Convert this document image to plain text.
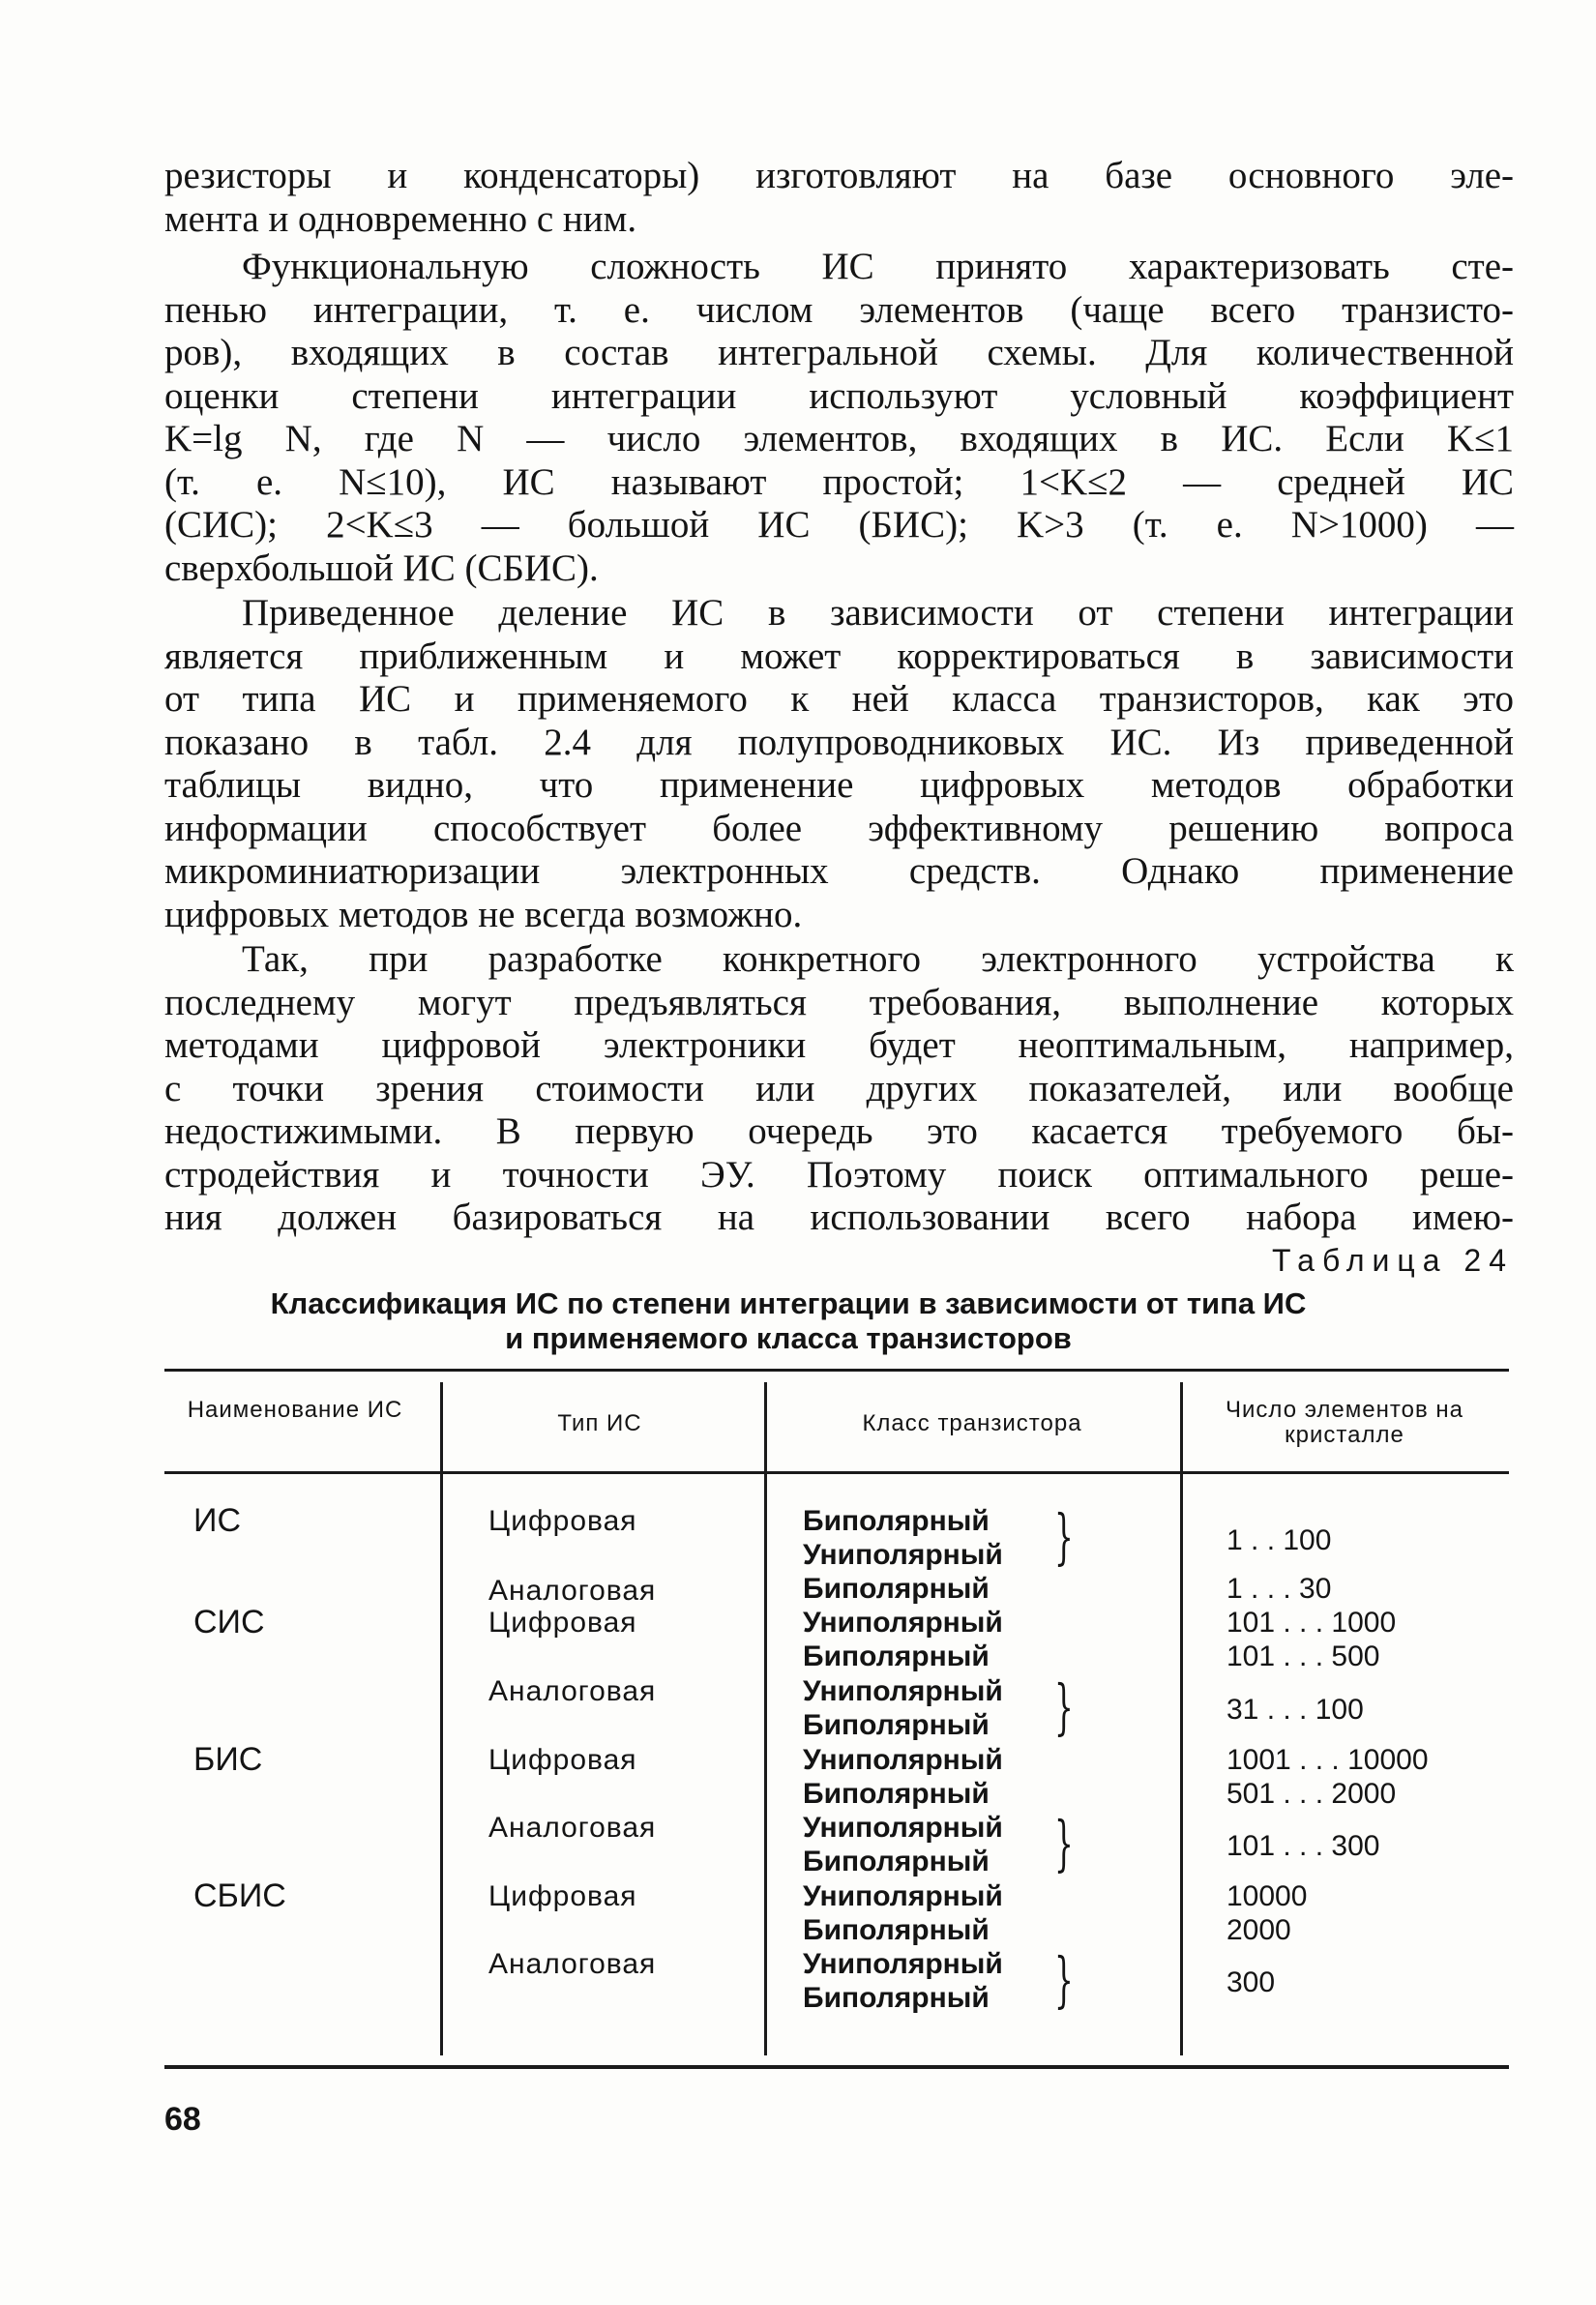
резисторы и конденсаторы) изготовляют на базе основного эле-
мента и одновременно с ним.
Функциональную сложность ИС принято характеризовать сте-
пенью интеграции, т. е. числом элементов (чаще всего транзисто-
ров), входящих в состав интегральной схемы. Для количественной
оценки степени интеграции используют условный коэффициент
K=lg N, где N — число элементов, входящих в ИС. Если K≤1
(т. е. N≤10), ИС называют простой; 1<K≤2 — средней ИС
(СИС); 2<K≤3 — большой ИС (БИС); K>3 (т. е. N>1000) —
сверхбольшой ИС (СБИС).
Приведенное деление ИС в зависимости от степени интеграции
является приближенным и может корректироваться в зависимости
от типа ИС и применяемого к ней класса транзисторов, как это
показано в табл. 2.4 для полупроводниковых ИС. Из приведенной
таблицы видно, что применение цифровых методов обработки
информации способствует более эффективному решению вопроса
микроминиатюризации электронных средств. Однако применение
цифровых методов не всегда возможно.
Так, при разработке конкретного электронного устройства к
последнему могут предъявляться требования, выполнение которых
методами цифровой электроники будет неоптимальным, например,
с точки зрения стоимости или других показателей, или вообще
недостижимыми. В первую очередь это касается требуемого бы-
стродействия и точности ЭУ. Поэтому поиск оптимального реше-
ния должен базироваться на использовании всего набора имею-
Таблица 24
Классификация ИС по степени интеграции в зависимости от типа ИС
и применяемого класса транзисторов
Наименование ИС
Тип ИС	Класс транзистора
Число элементов на кристалле
ИС
СИС
БИС
СБИС
Цифровая
Аналоговая
Цифровая
Аналоговая
Цифровая
Аналоговая
Цифровая
Аналоговая
Биполярный
Униполярный
Биполярный
Униполярный
Биполярный
Униполярный
Биполярный
Униполярный
Биполярный
Униполярный
Биполярный
Униполярный
Биполярный
Униполярный
Биполярный
}
}
}
}
1 . . 100
1 . . . 30
101 . . . 1000
101 . . . 500
31 . . . 100
1001 . . . 10000
501 . . . 2000
101 . . . 300
10000
2000
300
68
